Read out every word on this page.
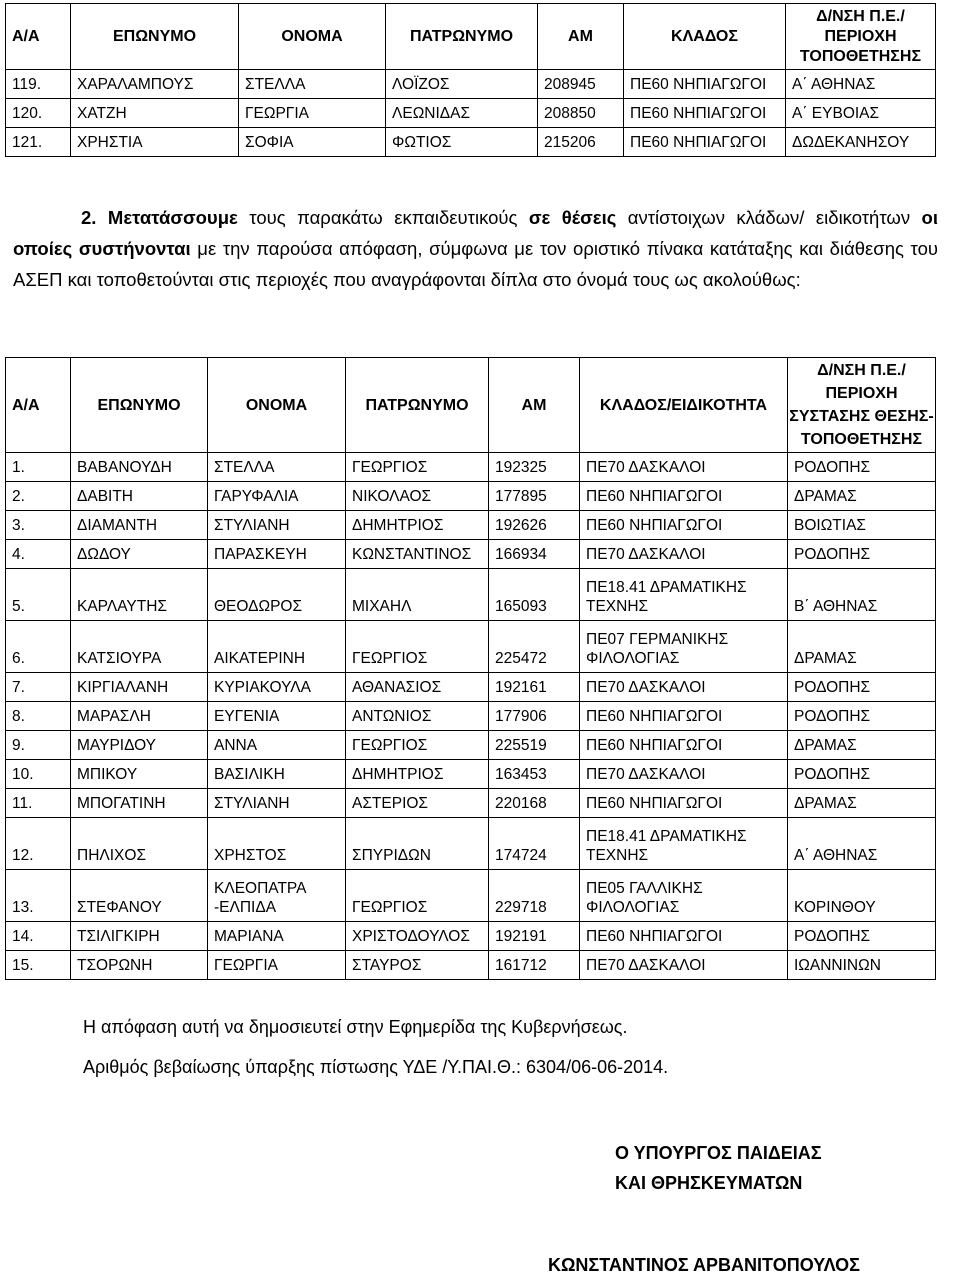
Α/Α	ΕΠΩΝΥΜΟ	ΟΝΟΜΑ	ΠΑΤΡΩΝΥΜΟ	ΑΜ	ΚΛΑΔΟΣ	Δ/ΝΣΗ Π.Ε./ ΠΕΡΙΟΧΗ ΤΟΠΟΘΕΤΗΣΗΣ
119.	ΧΑΡΑΛΑΜΠΟΥΣ	ΣΤΕΛΛΑ	ΛΟΪΖΟΣ	208945	ΠΕ60 ΝΗΠΙΑΓΩΓΟΙ	Α΄ ΑΘΗΝΑΣ
120.	ΧΑΤΖΗ	ΓΕΩΡΓΙΑ	ΛΕΩΝΙΔΑΣ	208850	ΠΕ60 ΝΗΠΙΑΓΩΓΟΙ	Α΄ ΕΥΒΟΙΑΣ
121.	ΧΡΗΣΤΙΑ	ΣΟΦΙΑ	ΦΩΤΙΟΣ	215206	ΠΕ60 ΝΗΠΙΑΓΩΓΟΙ	ΔΩΔΕΚΑΝΗΣΟΥ
2. Μετατάσσουμε τους παρακάτω εκπαιδευτικούς σε θέσεις αντίστοιχων κλάδων/ ειδικοτήτων οι οποίες συστήνονται με την παρούσα απόφαση, σύμφωνα με τον οριστικό πίνακα κατάταξης και διάθεσης του ΑΣΕΠ και τοποθετούνται στις περιοχές που αναγράφονται δίπλα στο όνομά τους ως ακολούθως:
Α/Α	ΕΠΩΝΥΜΟ	ΟΝΟΜΑ	ΠΑΤΡΩΝΥΜΟ	ΑΜ	ΚΛΑΔΟΣ/ΕΙΔΙΚΟΤΗΤΑ	Δ/ΝΣΗ Π.Ε./ ΠΕΡΙΟΧΗ ΣΥΣΤΑΣΗΣ ΘΕΣΗΣ- ΤΟΠΟΘΕΤΗΣΗΣ
1.	ΒΑΒΑΝΟΥΔΗ	ΣΤΕΛΛΑ	ΓΕΩΡΓΙΟΣ	192325	ΠΕ70 ΔΑΣΚΑΛΟΙ	ΡΟΔΟΠΗΣ
2.	ΔΑΒΙΤΗ	ΓΑΡΥΦΑΛΙΑ	ΝΙΚΟΛΑΟΣ	177895	ΠΕ60 ΝΗΠΙΑΓΩΓΟΙ	ΔΡΑΜΑΣ
3.	ΔΙΑΜΑΝΤΗ	ΣΤΥΛΙΑΝΗ	ΔΗΜΗΤΡΙΟΣ	192626	ΠΕ60 ΝΗΠΙΑΓΩΓΟΙ	ΒΟΙΩΤΙΑΣ
4.	ΔΩΔΟΥ	ΠΑΡΑΣΚΕΥΗ	ΚΩΝΣΤΑΝΤΙΝΟΣ	166934	ΠΕ70 ΔΑΣΚΑΛΟΙ	ΡΟΔΟΠΗΣ
5.	ΚΑΡΛΑΥΤΗΣ	ΘΕΟΔΩΡΟΣ	ΜΙΧΑΗΛ	165093	ΠΕ18.41 ΔΡΑΜΑΤΙΚΗΣ ΤΕΧΝΗΣ	Β΄ ΑΘΗΝΑΣ
6.	ΚΑΤΣΙΟΥΡΑ	ΑΙΚΑΤΕΡΙΝΗ	ΓΕΩΡΓΙΟΣ	225472	ΠΕ07 ΓΕΡΜΑΝΙΚΗΣ ΦΙΛΟΛΟΓΙΑΣ	ΔΡΑΜΑΣ
7.	ΚΙΡΓΙΑΛΑΝΗ	ΚΥΡΙΑΚΟΥΛΑ	ΑΘΑΝΑΣΙΟΣ	192161	ΠΕ70 ΔΑΣΚΑΛΟΙ	ΡΟΔΟΠΗΣ
8.	ΜΑΡΑΣΛΗ	ΕΥΓΕΝΙΑ	ΑΝΤΩΝΙΟΣ	177906	ΠΕ60 ΝΗΠΙΑΓΩΓΟΙ	ΡΟΔΟΠΗΣ
9.	ΜΑΥΡΙΔΟΥ	ΑΝΝΑ	ΓΕΩΡΓΙΟΣ	225519	ΠΕ60 ΝΗΠΙΑΓΩΓΟΙ	ΔΡΑΜΑΣ
10.	ΜΠΙΚΟΥ	ΒΑΣΙΛΙΚΗ	ΔΗΜΗΤΡΙΟΣ	163453	ΠΕ70 ΔΑΣΚΑΛΟΙ	ΡΟΔΟΠΗΣ
11.	ΜΠΟΓΑΤΙΝΗ	ΣΤΥΛΙΑΝΗ	ΑΣΤΕΡΙΟΣ	220168	ΠΕ60 ΝΗΠΙΑΓΩΓΟΙ	ΔΡΑΜΑΣ
12.	ΠΗΛΙΧΟΣ	ΧΡΗΣΤΟΣ	ΣΠΥΡΙΔΩΝ	174724	ΠΕ18.41 ΔΡΑΜΑΤΙΚΗΣ ΤΕΧΝΗΣ	Α΄ ΑΘΗΝΑΣ
13.	ΣΤΕΦΑΝΟΥ	ΚΛΕΟΠΑΤΡΑ -ΕΛΠΙΔΑ	ΓΕΩΡΓΙΟΣ	229718	ΠΕ05 ΓΑΛΛΙΚΗΣ ΦΙΛΟΛΟΓΙΑΣ	ΚΟΡΙΝΘΟΥ
14.	ΤΣΙΛΙΓΚΙΡΗ	ΜΑΡΙΑΝΑ	ΧΡΙΣΤΟΔΟΥΛΟΣ	192191	ΠΕ60 ΝΗΠΙΑΓΩΓΟΙ	ΡΟΔΟΠΗΣ
15.	ΤΣΟΡΩΝΗ	ΓΕΩΡΓΙΑ	ΣΤΑΥΡΟΣ	161712	ΠΕ70 ΔΑΣΚΑΛΟΙ	ΙΩΑΝΝΙΝΩΝ
Η απόφαση αυτή να δημοσιευτεί στην Εφημερίδα της Κυβερνήσεως.
Αριθμός βεβαίωσης ύπαρξης πίστωσης ΥΔΕ /Υ.ΠΑΙ.Θ.: 6304/06-06-2014.
Ο ΥΠΟΥΡΓΟΣ ΠΑΙΔΕΙΑΣ
ΚΑΙ ΘΡΗΣΚΕΥΜΑΤΩΝ
ΚΩΝΣΤΑΝΤΙΝΟΣ ΑΡΒΑΝΙΤΟΠΟΥΛΟΣ
